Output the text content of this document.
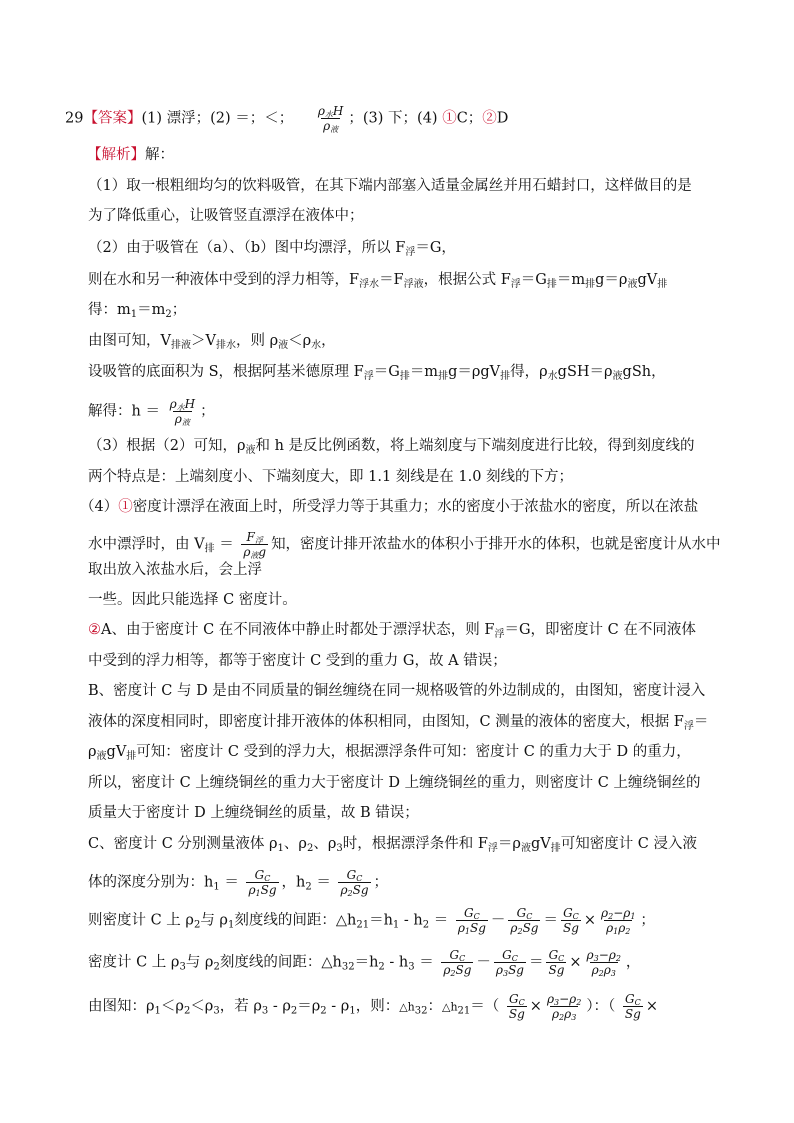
29【答案】(1) 漂浮；(2) ＝；＜； $\frac{\rho_水H}{\rho_液}$ ；(3) 下；(4) ①C；②D
【解析】解：
（1）取一根粗细均匀的饮料吸管，在其下端内部塞入适量金属丝并用石蜡封口，这样做目的是
为了降低重心，让吸管竖直漂浮在液体中；
（2）由于吸管在（a）、（b）图中均漂浮，所以 $F_浮=G$，
则在水和另一种液体中受到的浮力相等，$F_{浮水}=F_{浮液}$，根据公式 $F_浮=G_排=m_排g=\rho_液gV_排$
得：$m_1=m_2$；
由图可知，$V_{排液}>V_{排水}$，则 $\rho_液<\rho_水$，
设吸管的底面积为 S，根据阿基米德原理 $F_浮=G_排=m_排g=\rho gV_排$得，$\rho_水gSH=\rho_液gSh$，
解得：$h = \frac{\rho_水H}{\rho_液}$ ；
（3）根据（2）可知，$\rho_液$和 h 是反比例函数，将上端刻度与下端刻度进行比较，得到刻度线的
两个特点是：上端刻度小、下端刻度大，即 1.1 刻线是在 1.0 刻线的下方；
（4）①密度计漂浮在液面上时，所受浮力等于其重力；水的密度小于浓盐水的密度，所以在浓盐
水中漂浮时，由 $V_排 = \frac{F_浮}{\rho_液g}$ 知，密度计排开浓盐水的体积小于排开水的体积，也就是密度计从水中
取出放入浓盐水后，会上浮
一些。因此只能选择 C 密度计。
②A、由于密度计 C 在不同液体中静止时都处于漂浮状态，则 $F_浮=G$，即密度计 C 在不同液体
中受到的浮力相等，都等于密度计 C 受到的重力 G，故 A 错误；
B、密度计 C 与 D 是由不同质量的铜丝缠绕在同一规格吸管的外边制成的，由图知，密度计浸入
液体的深度相同时，即密度计排开液体的体积相同，由图知，C 测量的液体的密度大，根据 $F_浮=$
$\rho_液gV_排$可知：密度计 C 受到的浮力大，根据漂浮条件可知：密度计 C 的重力大于 D 的重力，
所以，密度计 C 上缠绕铜丝的重力大于密度计 D 上缠绕铜丝的重力，则密度计 C 上缠绕铜丝的
质量大于密度计 D 上缠绕铜丝的质量，故 B 错误；
C、密度计 C 分别测量液体 $\rho_1$、$\rho_2$、$\rho_3$时，根据漂浮条件和 $F_浮=\rho_液gV_排$可知密度计 C 浸入液
体的深度分别为：$h_1 = \frac{G_C}{\rho_1Sg}$ ，$h_2 = \frac{G_C}{\rho_2Sg}$ ；
则密度计 C 上 $\rho_2$与 $\rho_1$刻度线的间距：$\triangle h_{21}=h_1 - h_2 = \frac{G_C}{\rho_1Sg} - \frac{G_C}{\rho_2Sg} = \frac{G_C}{Sg} \times \frac{\rho_2-\rho_1}{\rho_1\rho_2}$ ；
密度计 C 上 $\rho_3$与 $\rho_2$刻度线的间距：$\triangle h_{32}=h_2 - h_3 = \frac{G_C}{\rho_2Sg} - \frac{G_C}{\rho_3Sg} = \frac{G_C}{Sg} \times \frac{\rho_3-\rho_2}{\rho_2\rho_3}$ ，
由图知：$\rho_1<\rho_2<\rho_3$，若 $\rho_3 - \rho_2=\rho_2 - \rho_1$，则：$\triangle h_{32}$：$\triangle h_{21}=( \frac{G_C}{Sg} \times \frac{\rho_3-\rho_2}{\rho_2\rho_3}$ ）：（ $\frac{G_C}{Sg}$ ×
